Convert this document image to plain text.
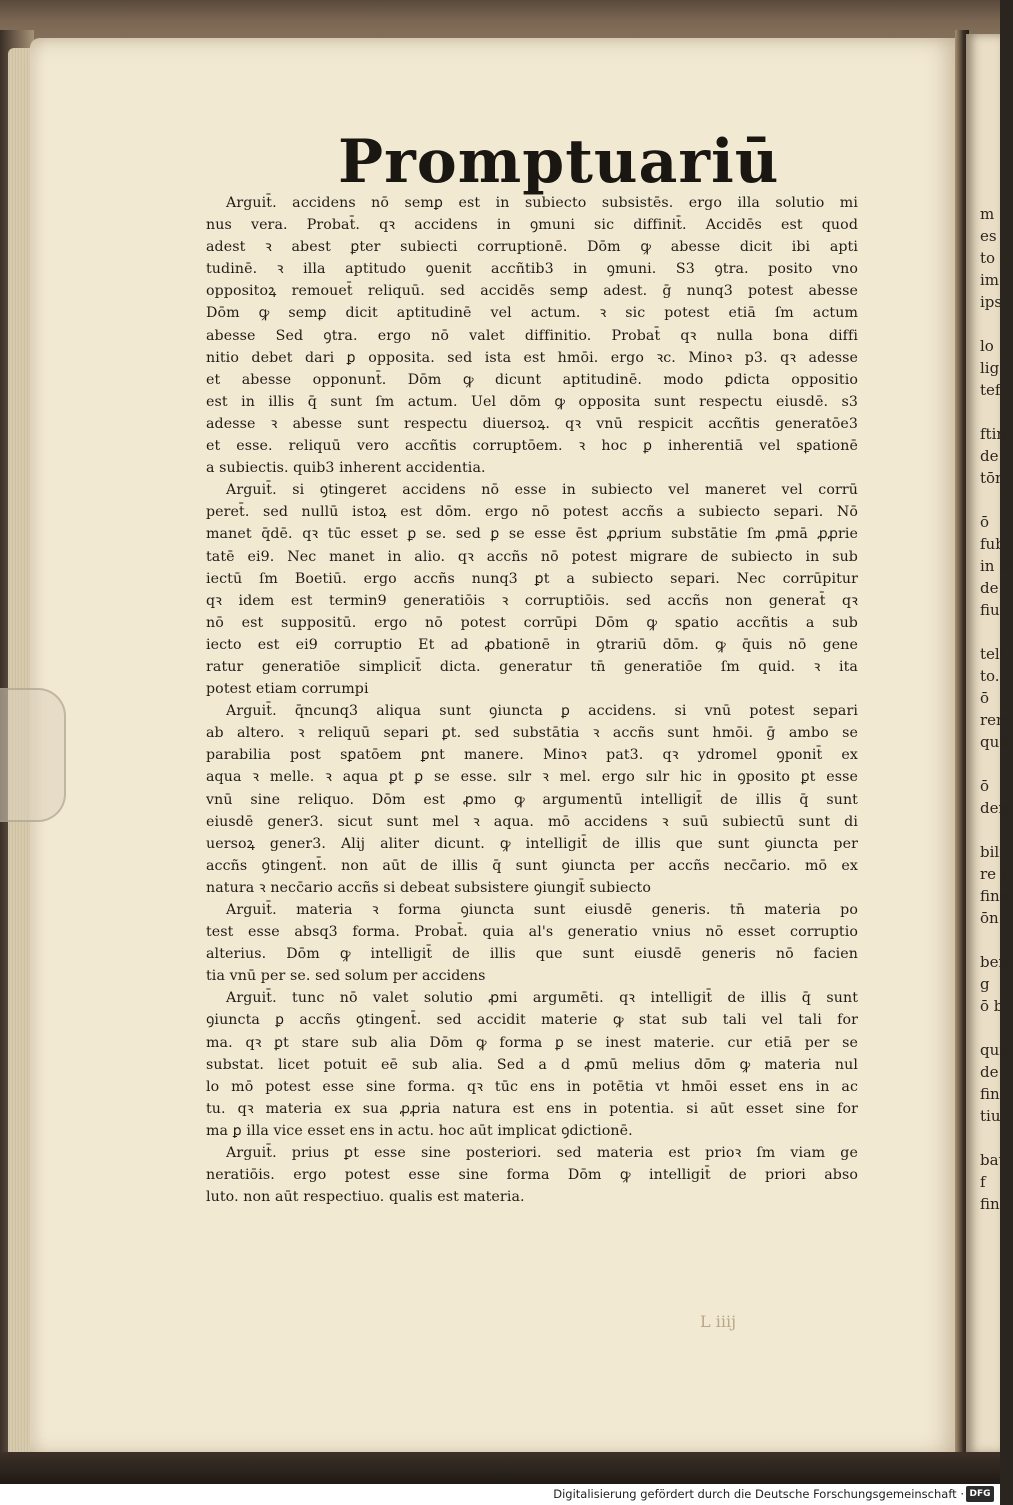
m
es
to
im
ips
lo
lig
tef
ftin
de
tōn
ō
fub
in al
de
fiu
tell
to.
ō
rem
qua
ō
den
bili
re p
fine
ōn
ben
g
ō b
quie
de
fin
tiu
bat
f
fin
Promptuariū
Arguit̄. accidens nō semꝑ est in subiecto subsistēs. ergo illa solutio mi
nus vera. Probat̄. qꝛ accidens in ꝯmuni sic diffinit̄. Accidēs est quod
adest ꝛ abest ꝑter subiecti corruptionē. Dōm ꝙ abesse dicit ibi apti
tudinē. ꝛ illa aptitudo ꝯuenit accñtib3 in ꝯmuni. S3 ꝯtra. posito vno
oppositoꝝ remouet̄ reliquū. sed accidēs semꝑ adest. ḡ nunq3 potest abesse
Dōm ꝙ semꝑ dicit aptitudinē vel actum. ꝛ sic potest etiā ſm actum
abesse Sed ꝯtra. ergo nō valet diffinitio. Probat̄ qꝛ nulla bona diffi
nitio debet dari ꝑ opposita. sed ista est hmōi. ergo ꝛc. Minoꝛ p3. qꝛ adesse
et abesse opponunt̄. Dōm ꝙ dicunt aptitudinē. modo ꝑdicta oppositio
est in illis q̄ sunt ſm actum. Uel dōm ꝙ opposita sunt respectu eiusdē. s3
adesse ꝛ abesse sunt respectu diuersoꝝ. qꝛ vnū respicit accñtis generatōe3
et esse. reliquū vero accñtis corruptōem. ꝛ hoc ꝑ inherentiā vel sꝑationē
a subiectis. quib3 inherent accidentia.
Arguit̄. si ꝯtingeret accidens nō esse in subiecto vel maneret vel corrū
peret̄. sed nullū istoꝝ est dōm. ergo nō potest accñs a subiecto separi. Nō
manet q̄dē. qꝛ tūc esset ꝑ se. sed ꝑ se esse ēst ꝓꝓrium substātie ſm ꝓmā ꝓꝓrie
tatē ei9. Nec manet in alio. qꝛ accñs nō potest migrare de subiecto in sub
iectū ſm Boetiū. ergo accñs nunq3 ꝑt a subiecto separi. Nec corrūpitur
qꝛ idem est termin9 generatiōis ꝛ corruptiōis. sed accñs non generat̄ qꝛ
nō est suppositū. ergo nō potest corrūpi Dōm ꝙ sꝑatio accñtis a sub
iecto est ei9 corruptio Et ad ꝓbationē in ꝯtrariū dōm. ꝙ q̄uis nō gene
ratur generatiōe simplicit̄ dicta. generatur tn̄ generatiōe ſm quid. ꝛ ita
potest etiam corrumpi
Arguit̄. q̄ncunq3 aliqua sunt ꝯiuncta ꝑ accidens. si vnū potest separi
ab altero. ꝛ reliquū separi ꝑt. sed substātia ꝛ accñs sunt hmōi. ḡ ambo se
parabilia post sꝑatōem ꝑnt manere. Minoꝛ pat3. qꝛ ydromel ꝯponit̄ ex
aqua ꝛ melle. ꝛ aqua ꝑt ꝑ se esse. sılr ꝛ mel. ergo sılr hic in ꝯposito ꝑt esse
vnū sine reliquo. Dōm est ꝓmo ꝙ argumentū intelligit̄ de illis q̄ sunt
eiusdē gener3. sicut sunt mel ꝛ aqua. mō accidens ꝛ suū subiectū sunt di
uersoꝝ gener3. Alij aliter dicunt. ꝙ intelligit̄ de illis que sunt ꝯiuncta per
accñs ꝯtingent̄. non aūt de illis q̄ sunt ꝯiuncta per accñs necc̄ario. mō ex
natura ꝛ necc̄ario accñs si debeat subsistere ꝯiungit̄ subiecto
Arguit̄. materia ꝛ forma ꝯiuncta sunt eiusdē generis. tn̄ materia po
test esse absq3 forma. Probat̄. quia al's generatio vnius nō esset corruptio
alterius. Dōm ꝙ intelligit̄ de illis que sunt eiusdē generis nō facien
tia vnū per se. sed solum per accidens
Arguit̄. tunc nō valet solutio ꝓmi argumēti. qꝛ intelligit̄ de illis q̄ sunt
ꝯiuncta ꝑ accñs ꝯtingent̄. sed accidit materie ꝙ stat sub tali vel tali for
ma. qꝛ ꝑt stare sub alia Dōm ꝙ forma ꝑ se inest materie. cur etiā per se
substat. licet potuit eē sub alia. Sed a d ꝓmū melius dōm ꝙ materia nul
lo mō potest esse sine forma. qꝛ tūc ens in potētia vt hmōi esset ens in ac
tu. qꝛ materia ex sua ꝓꝓria natura est ens in potentia. si aūt esset sine for
ma ꝑ illa vice esset ens in actu. hoc aūt implicat ꝯdictionē.
Arguit̄. prius ꝑt esse sine posteriori. sed materia est prioꝛ ſm viam ge
neratiōis. ergo potest esse sine forma Dōm ꝙ intelligit̄ de priori abso
luto. non aūt respectiuo. qualis est materia.
L iiij
Digitalisierung gefördert durch die Deutsche Forschungsgemeinschaft · DFG
